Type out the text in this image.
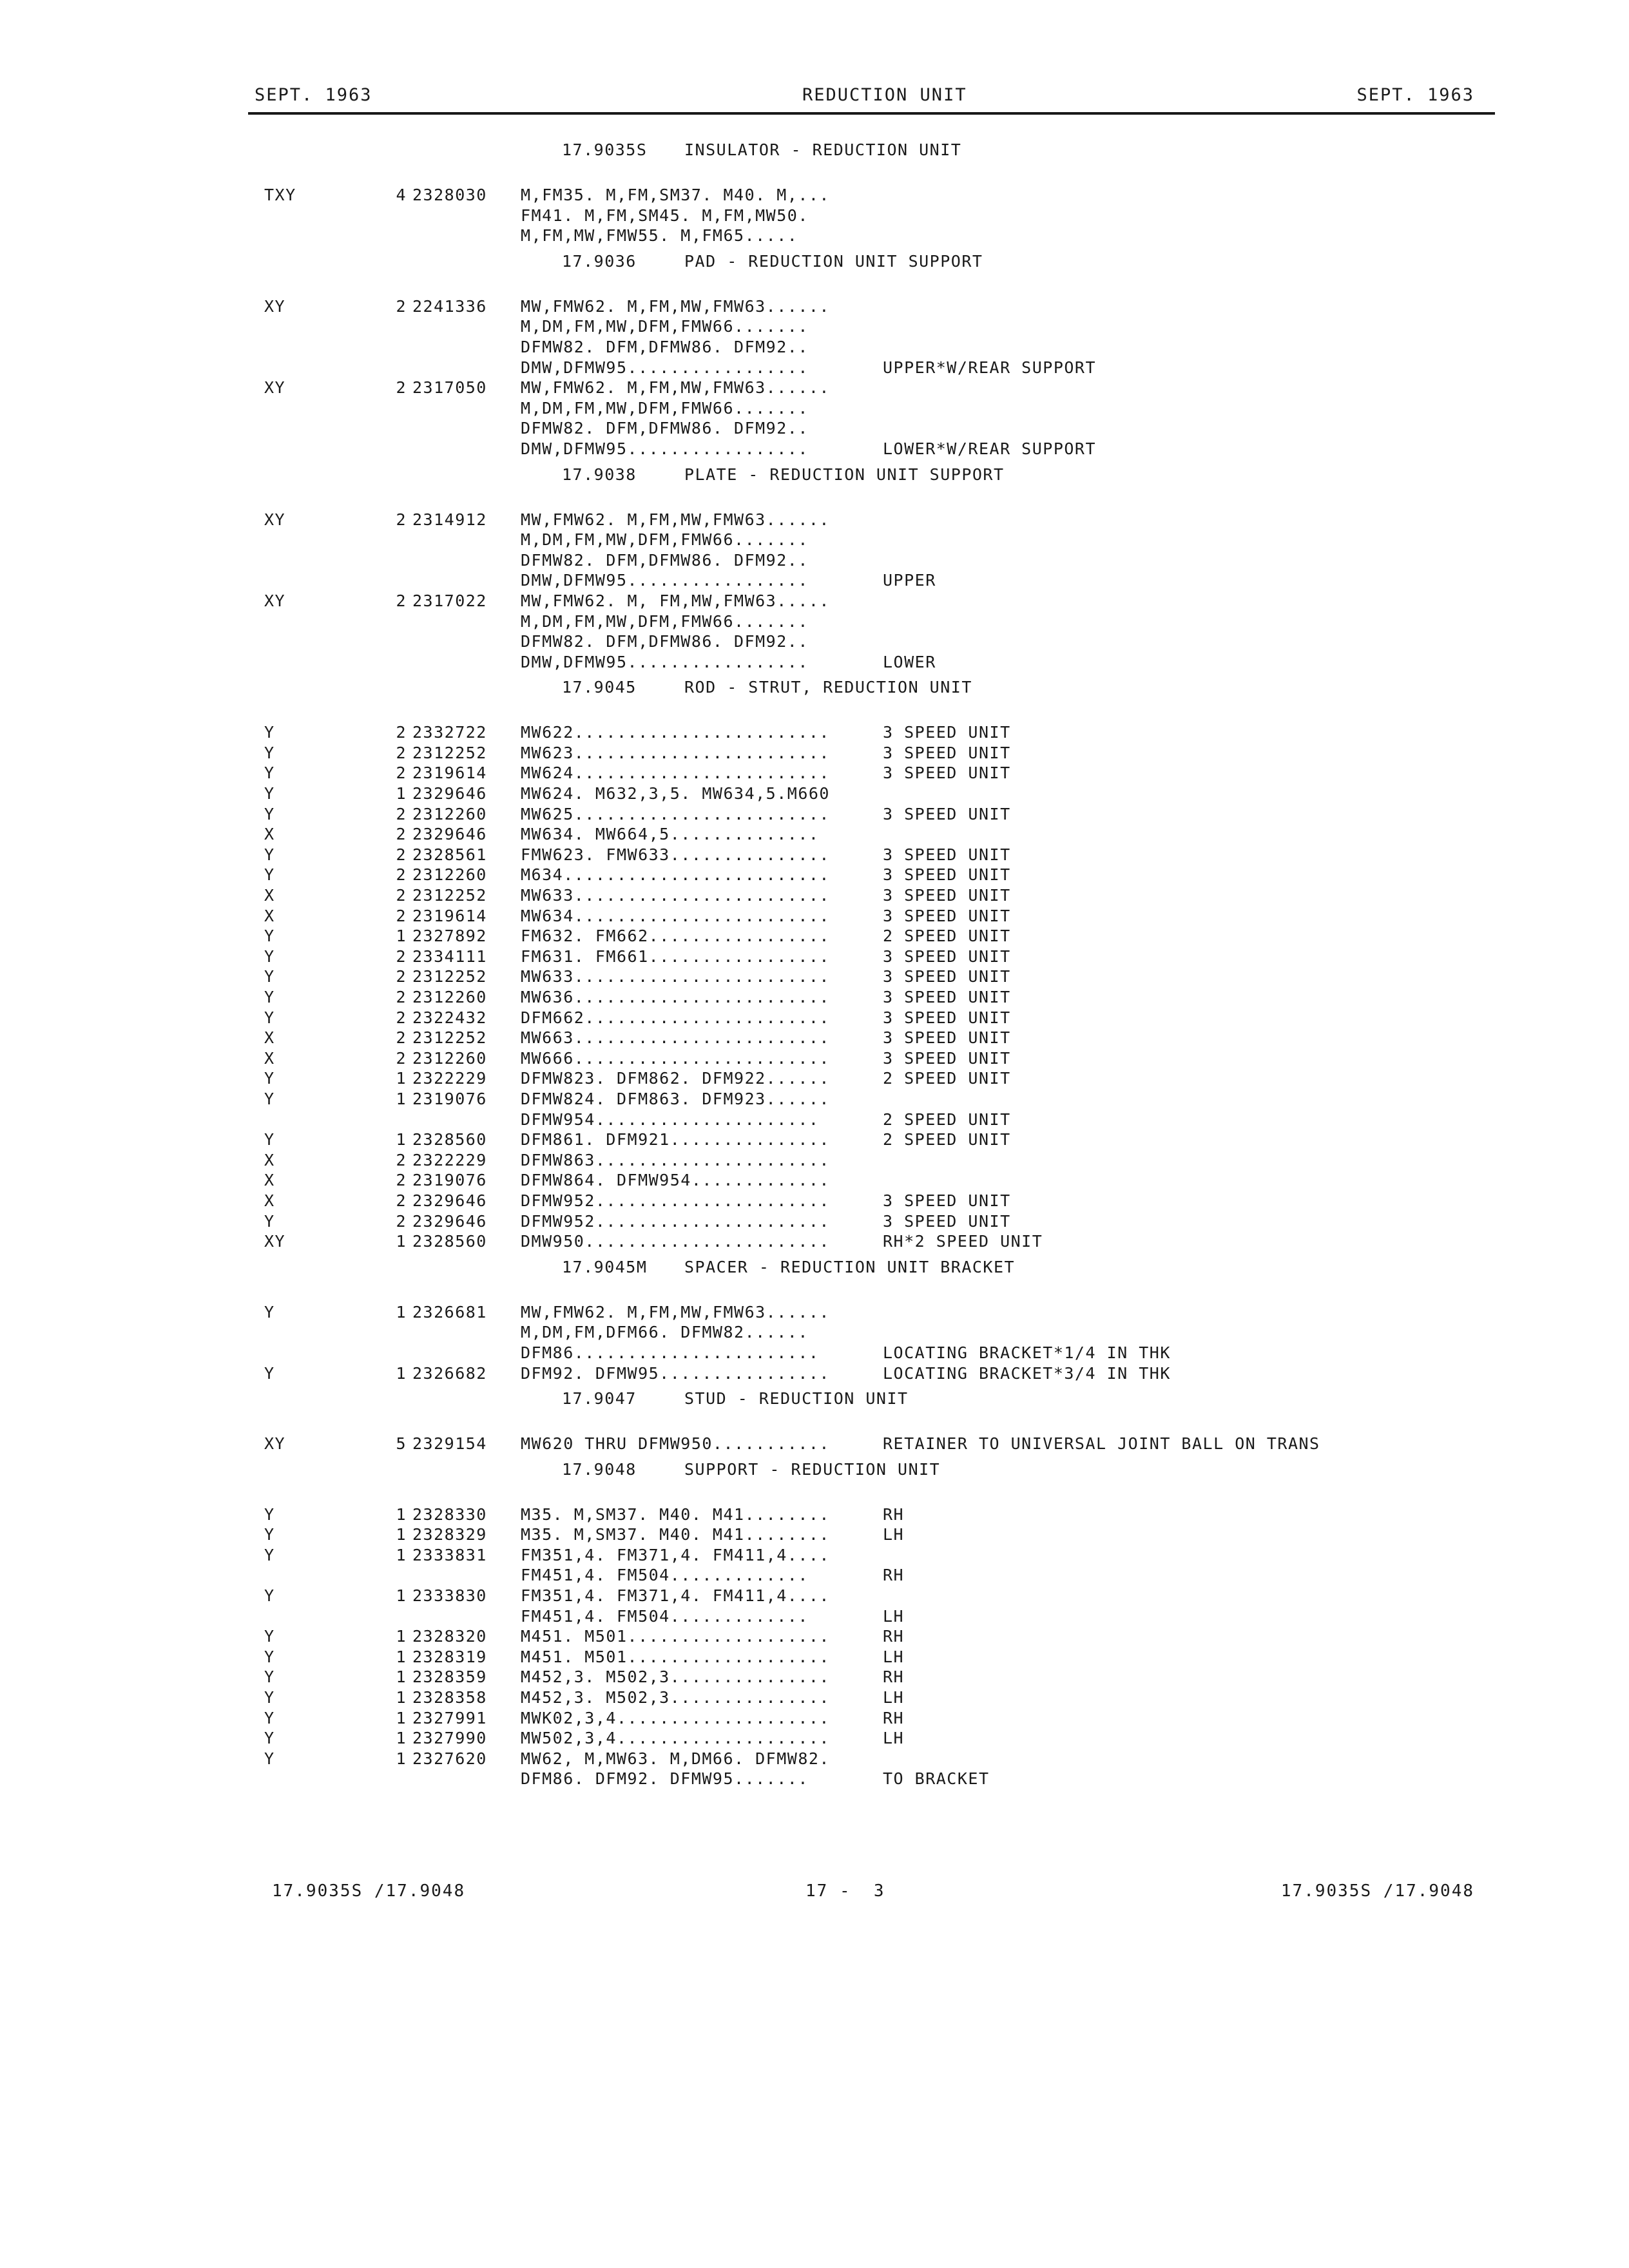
SEPT. 1963	REDUCTION UNIT	SEPT. 1963
17.9035S INSULATOR - REDUCTION UNIT
TXY	4 2328030 M,FM35. M,FM,SM37. M40. M,...
FM41. M,FM,SM45. M,FM,MW50.
M,FM,MW,FMW55. M,FM65.....
17.9036	PAD - REDUCTION UNIT SUPPORT
XY	2 2241336 MW,FMW62. M,FM,MW,FMW63......
M,DM,FM,MW,DFM,FMW66.......
DFMW82. DFM,DFMW86. DFM92..
DMW,DFMW95.................	UPPER*W/REAR SUPPORT
XY	2 2317050 MW,FMW62. M,FM,MW,FMW63......
M,DM,FM,MW,DFM,FMW66.......
DFMW82. DFM,DFMW86. DFM92..
DMW,DFMW95.................	LOWER*W/REAR SUPPORT
17.9038	PLATE - REDUCTION UNIT SUPPORT
XY	2 2314912 MW,FMW62. M,FM,MW,FMW63......
M,DM,FM,MW,DFM,FMW66.......
DFMW82. DFM,DFMW86. DFM92..
DMW,DFMW95.................	UPPER
XY	2 2317022 MW,FMW62. M, FM,MW,FMW63.....
M,DM,FM,MW,DFM,FMW66.......
DFMW82. DFM,DFMW86. DFM92..
DMW,DFMW95.................	LOWER
17.9045	ROD - STRUT, REDUCTION UNIT
Y	2 2332722 MW622........................	3 SPEED UNIT
Y	2 2312252 MW623........................	3 SPEED UNIT
Y	2 2319614 MW624........................	3 SPEED UNIT
Y	1 2329646 MW624. M632,3,5. MW634,5.M660
Y	2 2312260 MW625........................	3 SPEED UNIT
X	2 2329646 MW634. MW664,5..............
Y	2 2328561 FMW623. FMW633...............	3 SPEED UNIT
Y	2 2312260 M634.........................	3 SPEED UNIT
X	2 2312252 MW633........................	3 SPEED UNIT
X	2 2319614 MW634........................	3 SPEED UNIT
Y	1 2327892 FM632. FM662.................	2 SPEED UNIT
Y	2 2334111 FM631. FM661.................	3 SPEED UNIT
Y	2 2312252 MW633........................	3 SPEED UNIT
Y	2 2312260 MW636........................	3 SPEED UNIT
Y	2 2322432 DFM662.......................	3 SPEED UNIT
X	2 2312252 MW663........................	3 SPEED UNIT
X	2 2312260 MW666........................	3 SPEED UNIT
Y	1 2322229 DFMW823. DFM862. DFM922......	2 SPEED UNIT
Y	1 2319076 DFMW824. DFM863. DFM923......
DFMW954.....................	2 SPEED UNIT
Y	1 2328560 DFM861. DFM921...............	2 SPEED UNIT
X	2 2322229 DFMW863......................
X	2 2319076 DFMW864. DFMW954.............
X	2 2329646 DFMW952......................	3 SPEED UNIT
Y	2 2329646 DFMW952......................	3 SPEED UNIT
XY	1 2328560 DMW950.......................	RH*2 SPEED UNIT
17.9045M SPACER - REDUCTION UNIT BRACKET
Y	1 2326681 MW,FMW62. M,FM,MW,FMW63......
M,DM,FM,DFM66. DFMW82......
DFM86.......................	LOCATING BRACKET*1/4 IN THK
Y	1 2326682 DFM92. DFMW95................	LOCATING BRACKET*3/4 IN THK
17.9047	STUD - REDUCTION UNIT
XY	5 2329154 MW620 THRU DFMW950...........	RETAINER TO UNIVERSAL JOINT BALL ON TRANS
17.9048	SUPPORT - REDUCTION UNIT
Y	1 2328330 M35. M,SM37. M40. M41........	RH
Y	1 2328329 M35. M,SM37. M40. M41........	LH
Y	1 2333831 FM351,4. FM371,4. FM411,4....
FM451,4. FM504.............	RH
Y	1 2333830 FM351,4. FM371,4. FM411,4....
FM451,4. FM504.............	LH
Y	1 2328320 M451. M501...................	RH
Y	1 2328319 M451. M501...................	LH
Y	1 2328359 M452,3. M502,3...............	RH
Y	1 2328358 M452,3. M502,3...............	LH
Y	1 2327991 MWK02,3,4....................	RH
Y	1 2327990 MW502,3,4....................	LH
Y	1 2327620 MW62, M,MW63. M,DM66. DFMW82.
DFM86. DFM92. DFMW95.......	TO BRACKET
17.9035S /17.9048	17 -  3	17.9035S /17.9048
